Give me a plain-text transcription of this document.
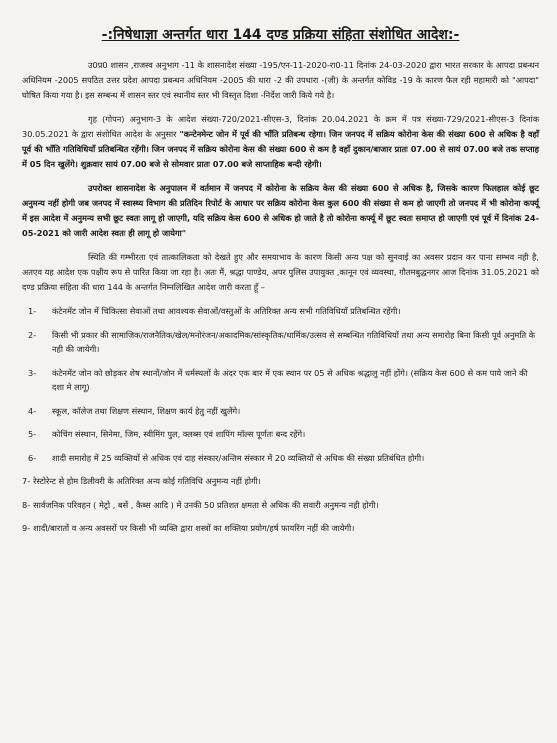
-:निषेधाज्ञा अन्तर्गत धारा 144 दण्ड प्रक्रिया संहिता संशोधित आदेश:-

उ0प्र0 शासन ,राजस्व अनुभाग -11 के शासनादेश संख्या -195/एन-11-2020-रा0-11 दिनांक 24-03-2020 द्वारा भारत सरकार के आपदा प्रबन्धन अधिनियम -2005 सपठित उत्तर प्रदेश आपदा प्रबन्धन अधिनियम -2005 की धारा -2 की उपधारा -(जी) के अन्तर्गत कोविड -19 के कारण फैल रही महामारी को "आपदा" घोषित किया गया है। इस सम्बन्ध में शासन स्तर एवं स्थानीय स्तर भी विस्तृत दिशा -निर्देश जारी किये गये है।

गृह (गोपन) अनुभाग-3 के आदेश संख्या-720/2021-सीएस-3, दिनांक 20.04.2021 के क्रम में पत्र संख्या-729/2021-सीएस-3 दिनांक 30.05.2021 के द्वारा संशोधित आदेश के अनुसार "कन्टेनमेन्ट जोन में पूर्व की भाँति प्रतिबन्ध रहेगा। जिन जनपद में सक्रिय कोरोना केस की संख्या 600 से अधिक है वहाँ पूर्व की भाँति गतिविधियाँ प्रतिबन्धित रहेंगी। जिन जनपद में सक्रिय कोरोना केस की संख्या 600 से कम है वहाँ दुकान/बाजार प्रातः 07.00 से सायं 07.00 बजे तक सप्ताह में 05 दिन खुलेंगे। शुक्रवार सायं 07.00 बजे से सोमवार प्रातः 07.00 बजे साप्ताहिक बन्दी रहेगी।

उपरोक्त शासनादेश के अनुपालन में वर्तमान में जनपद में कोरोना के सक्रिय केस की संख्या 600 से अधिक है, जिसके कारण फिलहाल कोई छूट अनुमन्य नहीं होगी जब जनपद में स्वास्थ्य विभाग की प्रतिदिन रिपोर्ट के आधार पर सक्रिय कोरोना केस कुल 600 की संख्या से कम हो जाएगी तो जनपद में भी कोरोना कर्फ्यू में इस आदेश में अनुमन्य सभी छूट स्वतः लागू हो जाएगी, यदि सक्रिय केस 600 से अधिक हो जाते है तो कोरोना कर्फ्यू में छूट स्वतः समाप्त हो जाएगी एवं पूर्व में दिनांक 24-05-2021 को जारी आदेश स्वतः ही लागू हो जायेगा"

स्थिति की गम्भीरता एवं तात्कालिकता को देखते हुए और समयाभाव के कारण किसी अन्य पक्ष को सुनवाई का अवसर प्रदान कर पाना सम्भव नही है, अतएव यह आदेश एक पक्षीय रूप से पारित किया जा रहा है। अतः मैं, श्रद्धा पाण्डेय, अपर पुलिस उपायुक्त ,कानून एवं व्यवस्था, गौतमबुद्धनगर आज दिनांक 31.05.2021 को दण्ड प्रक्रिया संहिता की धारा 144 के अन्तर्गत निम्नलिखित आदेश जारी करता हूँ –

1-	कंटेनमेंट जोन में चिकित्सा सेवाओं तथा आवश्यक सेवाओं/वस्तुओं के अतिरिक्त अन्य सभी गतिविधियाँ प्रतिबन्धित रहेंगी।
2-	किसी भी प्रकार की सामाजिक/राजनैतिक/खेल/मनोरंजन/अकादमिक/सांस्कृतिक/धार्मिक/उत्सव से सम्बन्धित गतिविधियों तथा अन्य समारोह बिना किसी पूर्व अनुमति के नही की जायेगी।
3-	कंटेनमेंट जोन को छोड़कर शेष स्थानों/जोन में धर्मस्थलों के अंदर एक बार में एक स्थान पर 05 से अधिक श्रद्धालु नहीं होंगे। (सक्रिय केस 600 से कम पाये जाने की दशा मे लागू)
4-	स्कूल, कॉलेज तथा शिक्षण संस्थान, शिक्षण कार्य हेतु नहीं खुलेंगे।
5-	कोचिंग संस्थान, सिनेमा, जिम, स्वीमिंग पुल, क्लब्स एवं शापिंग मॉल्स पूर्णतः बन्द रहेंगे।
6-	शादी समारोह में 25 व्यक्तियों से अधिक एवं दाह संस्कार/अन्तिम संस्कार में 20 व्यक्तियों से अधिक की संख्या प्रतिबंधित होगी।
7- रेस्टोरेन्ट से होम डिलीवरी के अतिरिक्त अन्य कोई गतिविधि अनुमन्य नहीं होगी।
8- सार्वजनिक परिवहन ( मेट्रो , बसें , कैब्स आदि ) में उनकी 50 प्रतिशत क्षमता से अधिक की सवारी अनुमन्य नही होगी।
9- शादी/बारातों व अन्य अवसरों पर किसी भी व्यक्ति द्वारा शस्त्रों का शक्तिया प्रयोग/हर्ष फायरिंग नहीं की जायेगी।
